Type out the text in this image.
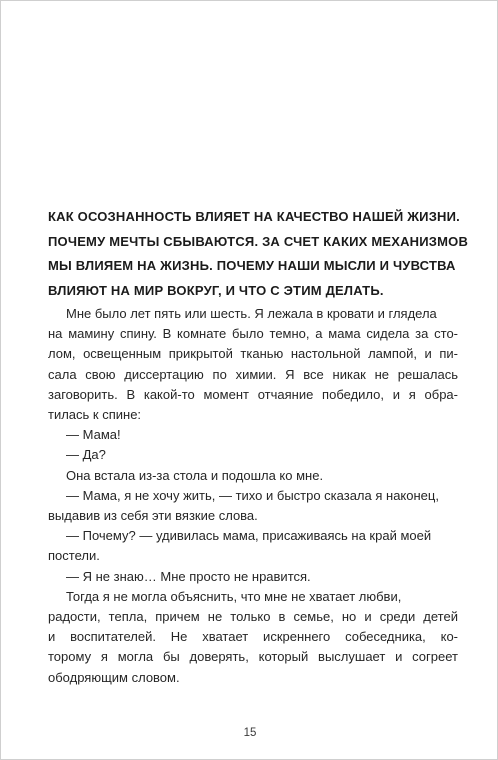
КАК ОСОЗНАННОСТЬ ВЛИЯЕТ НА КАЧЕСТВО НАШЕЙ ЖИЗНИ.
ПОЧЕМУ МЕЧТЫ СБЫВАЮТСЯ. ЗА СЧЕТ КАКИХ МЕХАНИЗМОВ
МЫ ВЛИЯЕМ НА ЖИЗНЬ. ПОЧЕМУ НАШИ МЫСЛИ И ЧУВСТВА
ВЛИЯЮТ НА МИР ВОКРУГ, И ЧТО С ЭТИМ ДЕЛАТЬ.
Мне было лет пять или шесть. Я лежала в кровати и глядела
на мамину спину. В комнате было темно, а мама сидела за сто-
лом, освещенным прикрытой тканью настольной лампой, и пи-
сала свою диссертацию по химии. Я все никак не решалась
заговорить. В какой-то момент отчаяние победило, и я обра-
тилась к спине:
— Мама!
— Да?
Она встала из-за стола и подошла ко мне.
— Мама, я не хочу жить, — тихо и быстро сказала я наконец,
выдавив из себя эти вязкие слова.
— Почему? — удивилась мама, присаживаясь на край моей
постели.
— Я не знаю… Мне просто не нравится.
Тогда я не могла объяснить, что мне не хватает любви,
радости, тепла, причем не только в семье, но и среди детей
и воспитателей. Не хватает искреннего собеседника, ко-
торому я могла бы доверять, который выслушает и согреет
ободряющим словом.
15
